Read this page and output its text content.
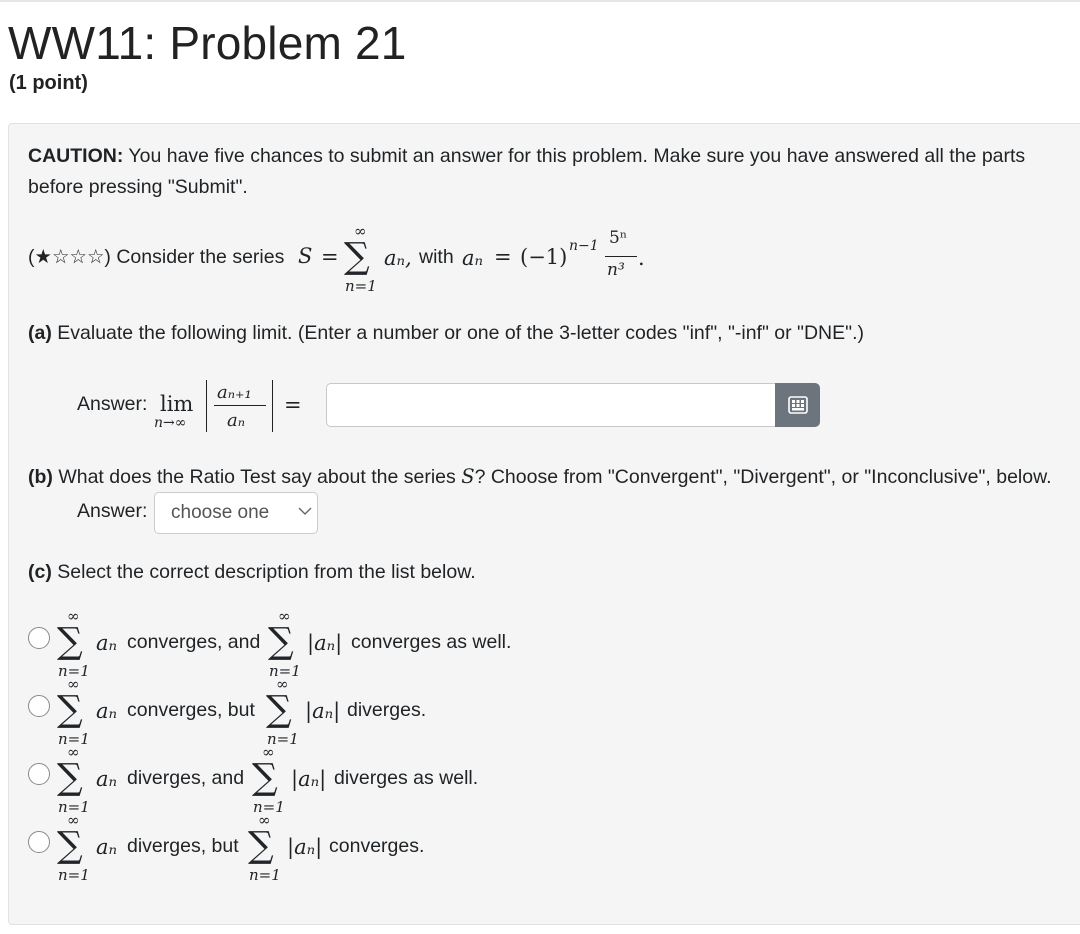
WW11: Problem 21
(1 point)
CAUTION: You have five chances to submit an answer for this problem. Make sure you have answered all the parts
before pressing "Submit".
(★☆☆☆) Consider the series S =
∞
∑
n=1
aₙ, with aₙ = (−1) n−1 5ⁿ
n³ .
(a) Evaluate the following limit. (Enter a number or one of the 3-letter codes "inf", "-inf" or "DNE".)
Answer: lim
n→∞
aₙ₊₁
aₙ
=
(b) What does the Ratio Test say about the series S? Choose from "Convergent", "Divergent", or "Inconclusive", below.
Answer:	choose one
(c) Select the correct description from the list below.
∞
∑
n=1
aₙ converges, and
∞
∑
n=1
|aₙ| converges as well.
∞
∑
n=1
aₙ converges, but
∞
∑
n=1
|aₙ| diverges.
∞
∑
n=1
aₙ diverges, and
∞
∑
n=1
|aₙ| diverges as well.
∞
∑
n=1
aₙ diverges, but
∞
∑
n=1
|aₙ| converges.
